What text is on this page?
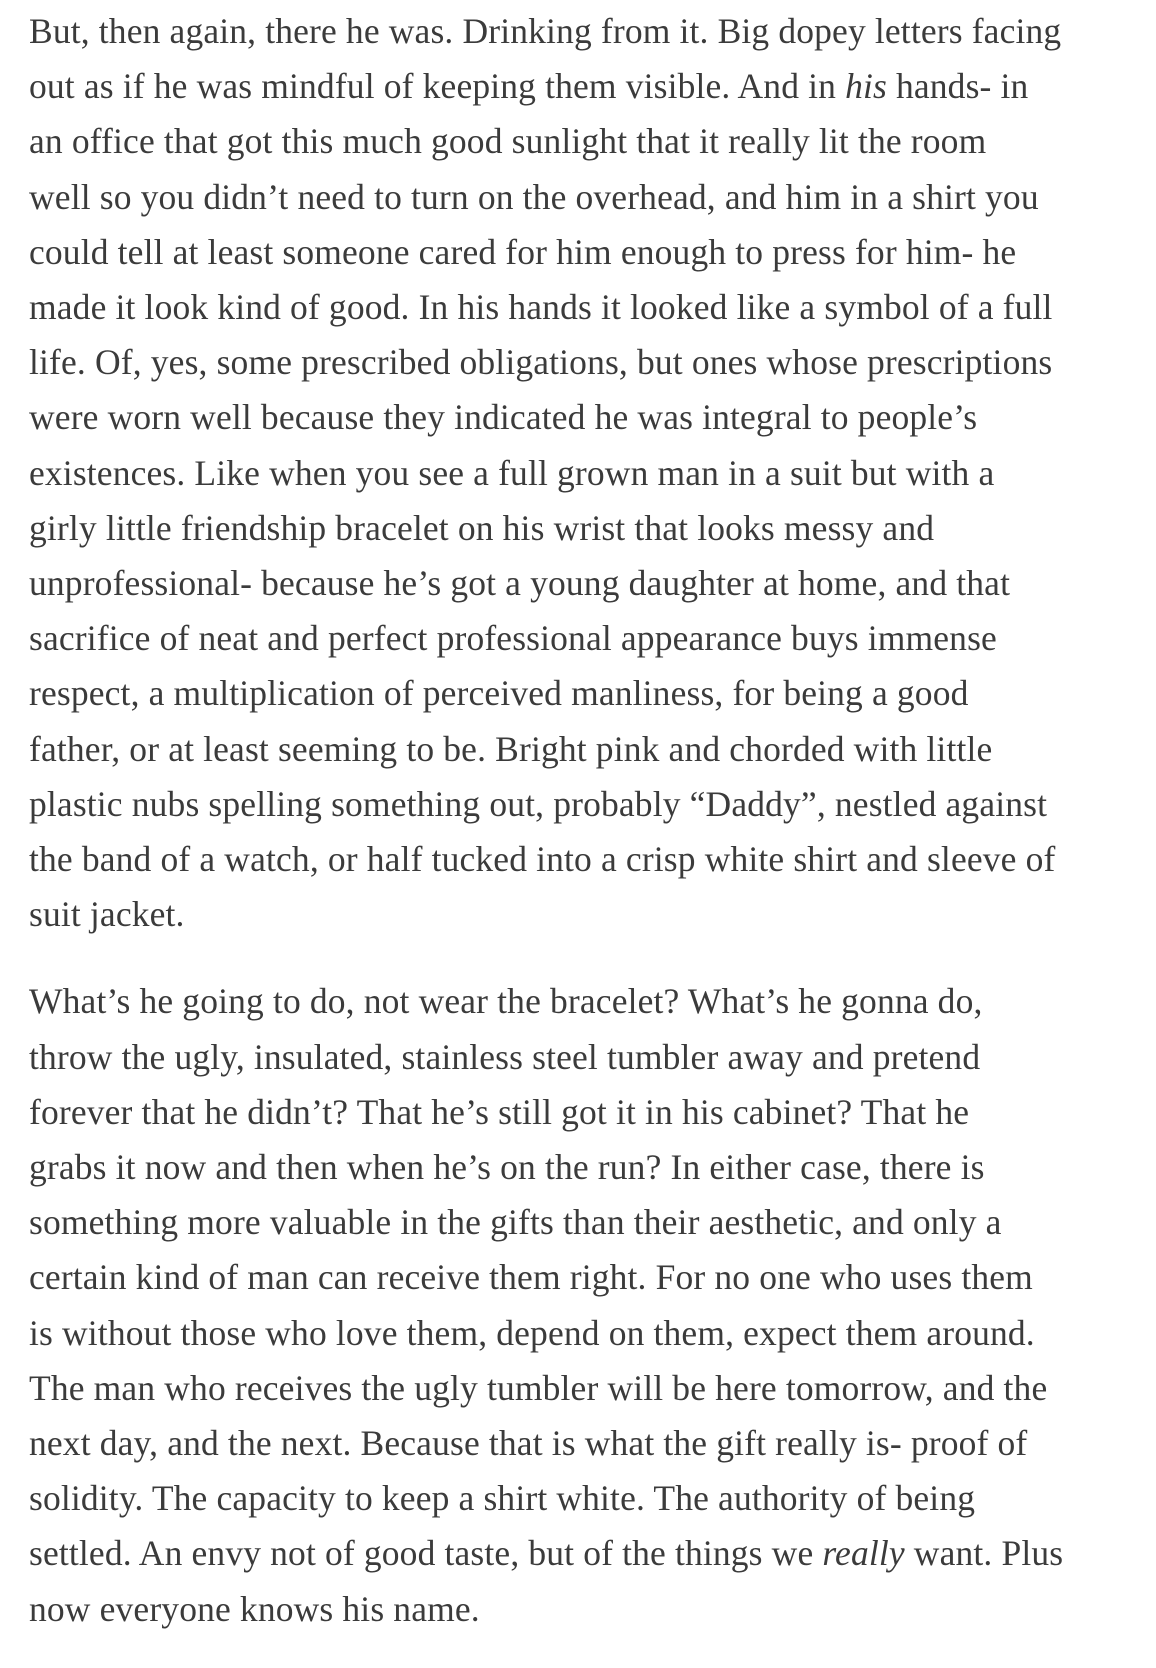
But, then again, there he was. Drinking from it. Big dopey letters facing
out as if he was mindful of keeping them visible. And in his hands- in
an office that got this much good sunlight that it really lit the room
well so you didn’t need to turn on the overhead, and him in a shirt you
could tell at least someone cared for him enough to press for him- he
made it look kind of good. In his hands it looked like a symbol of a full
life. Of, yes, some prescribed obligations, but ones whose prescriptions
were worn well because they indicated he was integral to people’s
existences. Like when you see a full grown man in a suit but with a
girly little friendship bracelet on his wrist that looks messy and
unprofessional- because he’s got a young daughter at home, and that
sacrifice of neat and perfect professional appearance buys immense
respect, a multiplication of perceived manliness, for being a good
father, or at least seeming to be. Bright pink and chorded with little
plastic nubs spelling something out, probably “Daddy”, nestled against
the band of a watch, or half tucked into a crisp white shirt and sleeve of
suit jacket.

What’s he going to do, not wear the bracelet? What’s he gonna do,
throw the ugly, insulated, stainless steel tumbler away and pretend
forever that he didn’t? That he’s still got it in his cabinet? That he
grabs it now and then when he’s on the run? In either case, there is
something more valuable in the gifts than their aesthetic, and only a
certain kind of man can receive them right. For no one who uses them
is without those who love them, depend on them, expect them around.
The man who receives the ugly tumbler will be here tomorrow, and the
next day, and the next. Because that is what the gift really is- proof of
solidity. The capacity to keep a shirt white. The authority of being
settled. An envy not of good taste, but of the things we really want. Plus
now everyone knows his name.
